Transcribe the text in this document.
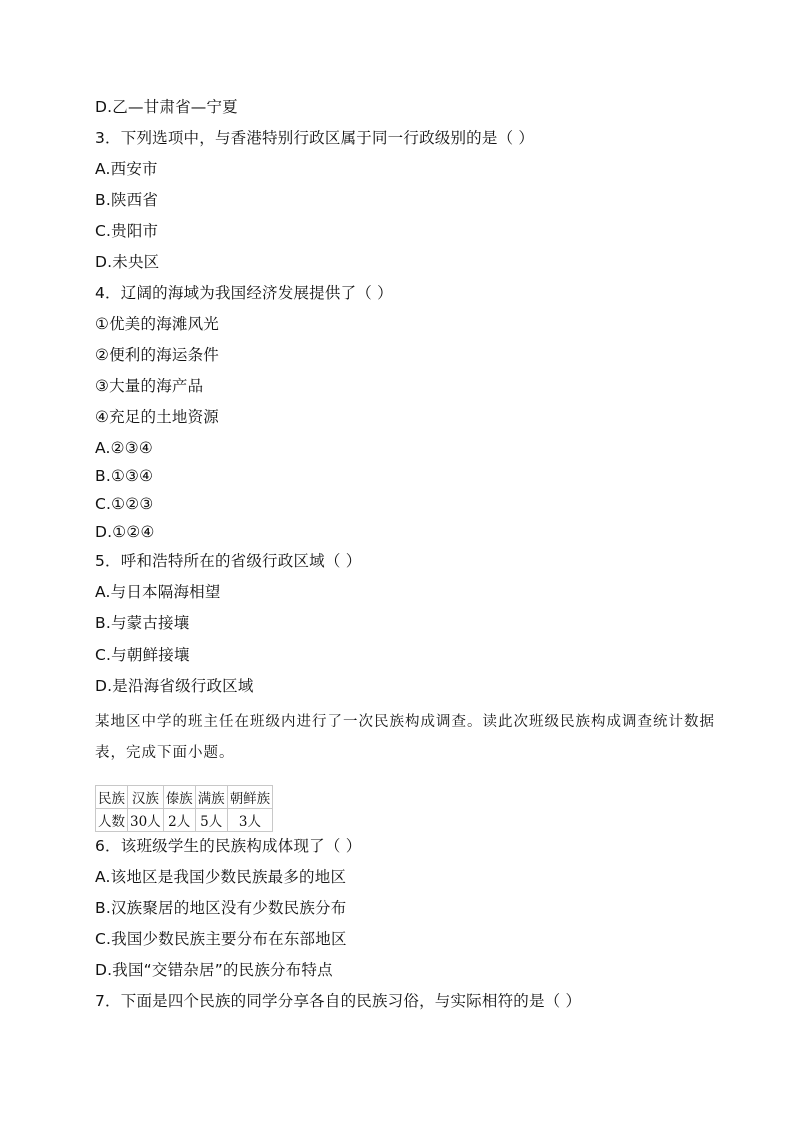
D.乙—甘肃省—宁夏
3．下列选项中，与香港特别行政区属于同一行政级别的是（ ）
A.西安市
B.陕西省
C.贵阳市
D.未央区
4．辽阔的海域为我国经济发展提供了（ ）
①优美的海滩风光
②便利的海运条件
③大量的海产品
④充足的土地资源
A.②③④
B.①③④
C.①②③
D.①②④
5．呼和浩特所在的省级行政区域（ ）
A.与日本隔海相望
B.与蒙古接壤
C.与朝鲜接壤
D.是沿海省级行政区域
某地区中学的班主任在班级内进行了一次民族构成调查。读此次班级民族构成调查统计数据表，完成下面小题。
民族	汉族	傣族	满族	朝鲜族
人数	30人	2人	5人	3人
6．该班级学生的民族构成体现了（ ）
A.该地区是我国少数民族最多的地区
B.汉族聚居的地区没有少数民族分布
C.我国少数民族主要分布在东部地区
D.我国“交错杂居”的民族分布特点
7．下面是四个民族的同学分享各自的民族习俗，与实际相符的是（ ）
